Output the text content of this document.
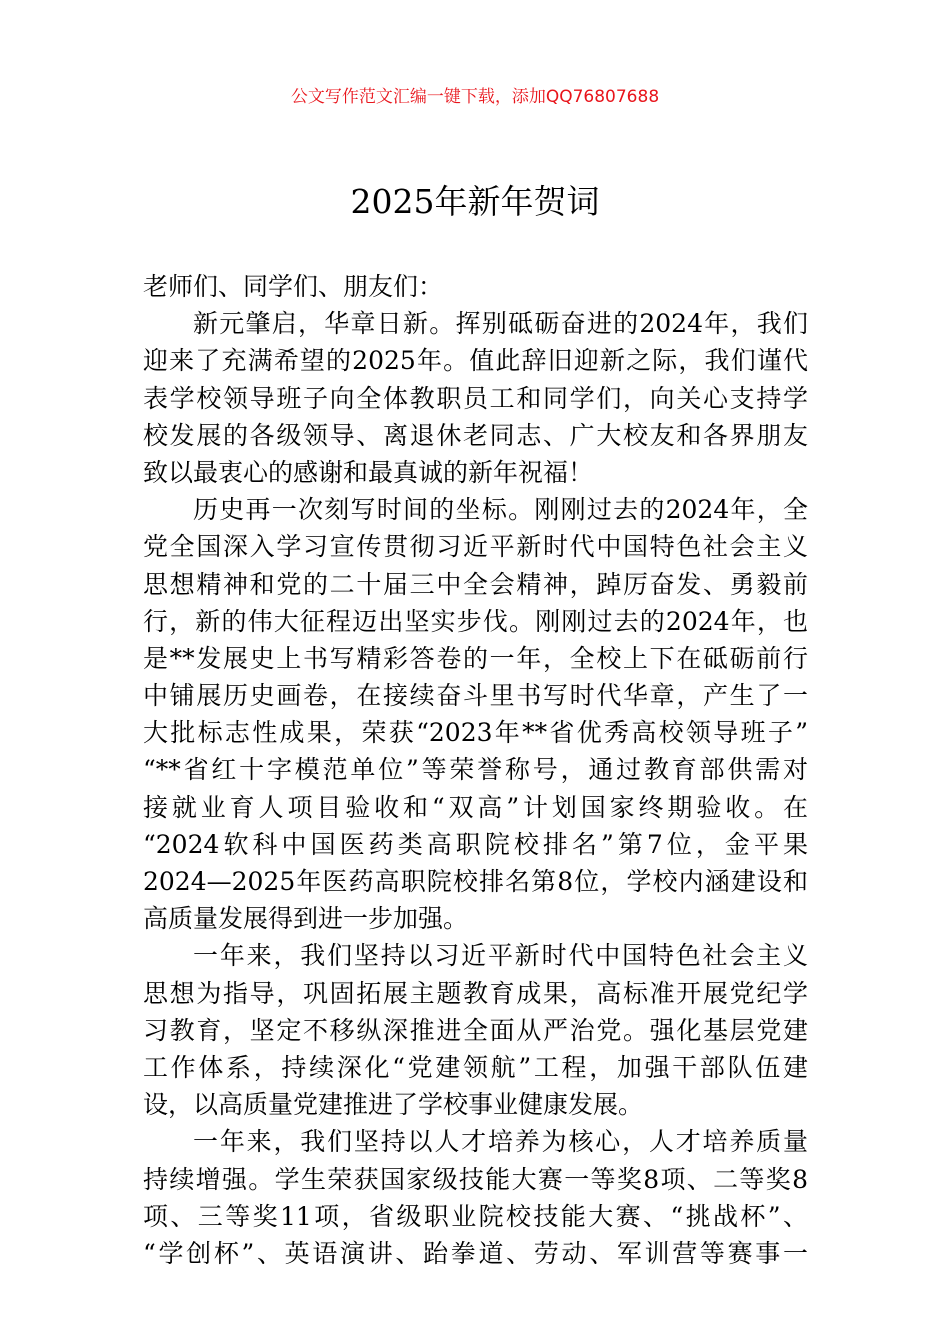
公文写作范文汇编一键下载，添加QQ76807688
2025年新年贺词
老师们、同学们、朋友们：
新元肇启，华章日新。挥别砥砺奋进的2024年，我们
迎来了充满希望的2025年。值此辞旧迎新之际，我们谨代
表学校领导班子向全体教职员工和同学们，向关心支持学
校发展的各级领导、离退休老同志、广大校友和各界朋友
致以最衷心的感谢和最真诚的新年祝福！
历史再一次刻写时间的坐标。刚刚过去的2024年，全
党全国深入学习宣传贯彻习近平新时代中国特色社会主义
思想精神和党的二十届三中全会精神，踔厉奋发、勇毅前
行，新的伟大征程迈出坚实步伐。刚刚过去的2024年，也
是**发展史上书写精彩答卷的一年，全校上下在砥砺前行
中铺展历史画卷，在接续奋斗里书写时代华章，产生了一
大批标志性成果，荣获“2023年**省优秀高校领导班子”
“**省红十字模范单位”等荣誉称号，通过教育部供需对
接就业育人项目验收和“双高”计划国家终期验收。在
“2024软科中国医药类高职院校排名”第7位，金平果
2024—2025年医药高职院校排名第8位，学校内涵建设和
高质量发展得到进一步加强。
一年来，我们坚持以习近平新时代中国特色社会主义
思想为指导，巩固拓展主题教育成果，高标准开展党纪学
习教育，坚定不移纵深推进全面从严治党。强化基层党建
工作体系，持续深化“党建领航”工程，加强干部队伍建
设，以高质量党建推进了学校事业健康发展。
一年来，我们坚持以人才培养为核心，人才培养质量
持续增强。学生荣获国家级技能大赛一等奖8项、二等奖8
项、三等奖11项，省级职业院校技能大赛、“挑战杯”、
“学创杯”、英语演讲、跆拳道、劳动、军训营等赛事一
